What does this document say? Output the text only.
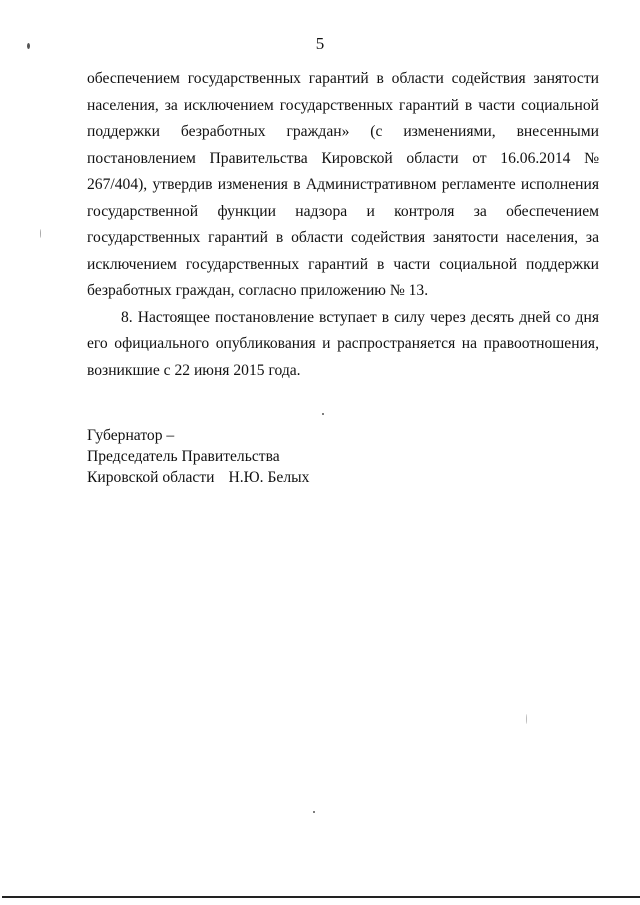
5

обеспечением государственных гарантий в области содействия занятости населения, за исключением государственных гарантий в части социальной поддержки безработных граждан» (с изменениями, внесенными постановлением Правительства Кировской области от 16.06.2014 № 267/404), утвердив изменения в Административном регламенте исполнения государственной функции надзора и контроля за обеспечением государственных гарантий в области содействия занятости населения, за исключением государственных гарантий в части социальной поддержки безработных граждан, согласно приложению № 13.

8. Настоящее постановление вступает в силу через десять дней со дня его официального опубликования и распространяется на правоотношения, возникшие с 22 июня 2015 года.

Губернатор –
Председатель Правительства
Кировской области Н.Ю. Белых
